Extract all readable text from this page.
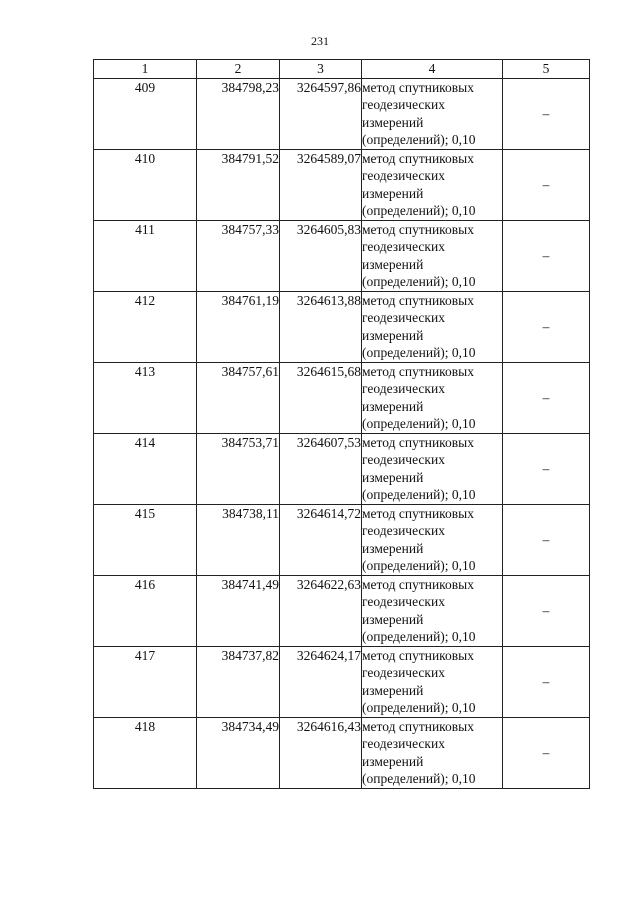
231
1	2	3	4	5
409	384798,23	3264597,86	метод спутниковых
геодезических
измерений
(определений); 0,10	–
410	384791,52	3264589,07	метод спутниковых
геодезических
измерений
(определений); 0,10	–
411	384757,33	3264605,83	метод спутниковых
геодезических
измерений
(определений); 0,10	–
412	384761,19	3264613,88	метод спутниковых
геодезических
измерений
(определений); 0,10	–
413	384757,61	3264615,68	метод спутниковых
геодезических
измерений
(определений); 0,10	–
414	384753,71	3264607,53	метод спутниковых
геодезических
измерений
(определений); 0,10	–
415	384738,11	3264614,72	метод спутниковых
геодезических
измерений
(определений); 0,10	–
416	384741,49	3264622,63	метод спутниковых
геодезических
измерений
(определений); 0,10	–
417	384737,82	3264624,17	метод спутниковых
геодезических
измерений
(определений); 0,10	–
418	384734,49	3264616,43	метод спутниковых
геодезических
измерений
(определений); 0,10	–
